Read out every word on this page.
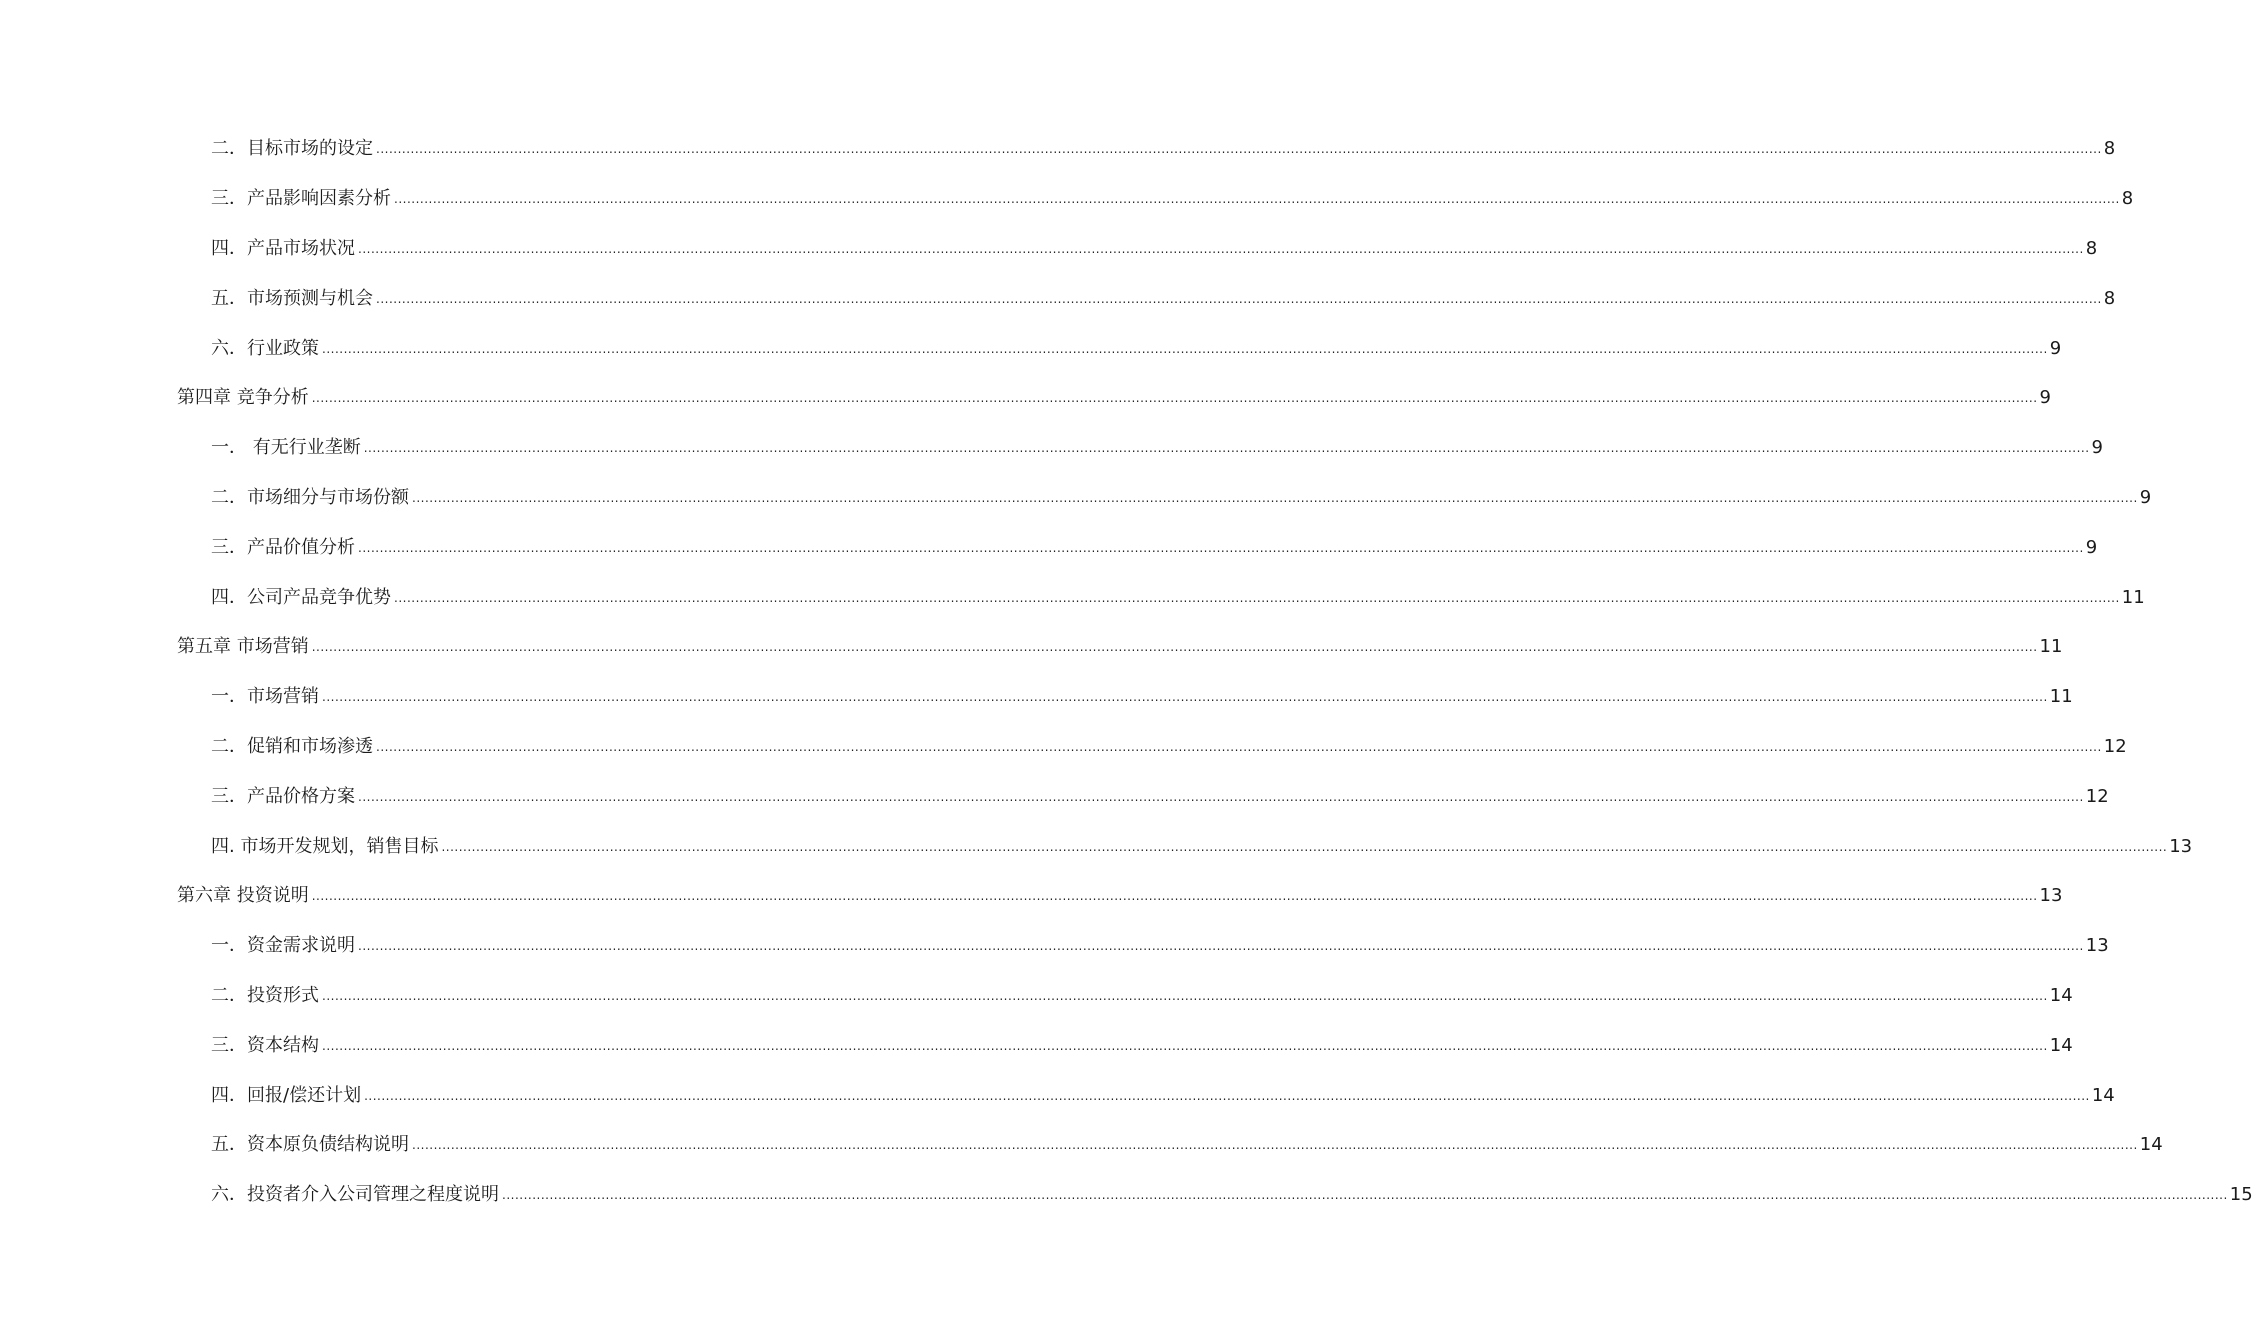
二．目标市场的设定 ................................................................................................................................................................................................................................................................................................................................................................................................................ 8
三．产品影响因素分析 ................................................................................................................................................................................................................................................................................................................................................................................................................ 8
四．产品市场状况 ................................................................................................................................................................................................................................................................................................................................................................................................................ 8
五．市场预测与机会 ................................................................................................................................................................................................................................................................................................................................................................................................................ 8
六．行业政策 ................................................................................................................................................................................................................................................................................................................................................................................................................ 9
第四章 竞争分析 ................................................................................................................................................................................................................................................................................................................................................................................................................ 9
一． 有无行业垄断 ................................................................................................................................................................................................................................................................................................................................................................................................................ 9
二．市场细分与市场份额 ................................................................................................................................................................................................................................................................................................................................................................................................................ 9
三．产品价值分析 ................................................................................................................................................................................................................................................................................................................................................................................................................ 9
四．公司产品竞争优势 ................................................................................................................................................................................................................................................................................................................................................................................................................ 11
第五章 市场营销 ................................................................................................................................................................................................................................................................................................................................................................................................................ 11
一．市场营销 ................................................................................................................................................................................................................................................................................................................................................................................................................ 11
二．促销和市场渗透 ................................................................................................................................................................................................................................................................................................................................................................................................................ 12
三．产品价格方案 ................................................................................................................................................................................................................................................................................................................................................................................................................ 12
四. 市场开发规划，销售目标 ................................................................................................................................................................................................................................................................................................................................................................................................................ 13
第六章 投资说明 ................................................................................................................................................................................................................................................................................................................................................................................................................ 13
一．资金需求说明 ................................................................................................................................................................................................................................................................................................................................................................................................................ 13
二．投资形式 ................................................................................................................................................................................................................................................................................................................................................................................................................ 14
三．资本结构 ................................................................................................................................................................................................................................................................................................................................................................................................................ 14
四．回报/偿还计划 ................................................................................................................................................................................................................................................................................................................................................................................................................ 14
五．资本原负债结构说明 ................................................................................................................................................................................................................................................................................................................................................................................................................ 14
六．投资者介入公司管理之程度说明 ................................................................................................................................................................................................................................................................................................................................................................................................................ 15
